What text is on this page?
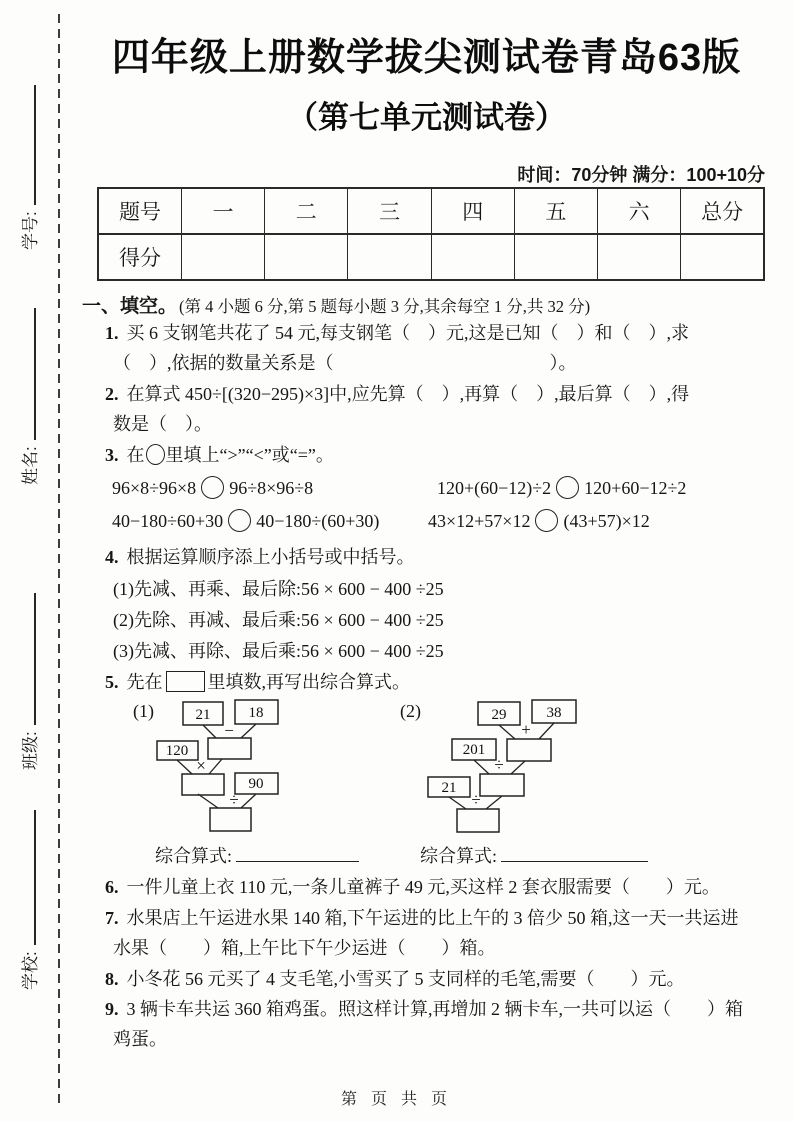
学号:
姓名:
班级:
学校:
四年级上册数学拔尖测试卷青岛63版
（第七单元测试卷）
时间：70分钟 满分：100+10分
题号	一	二	三	四	五	六	总分
得分							
一、填空。 (第 4 小题 6 分,第 5 题每小题 3 分,其余每空 1 分,共 32 分)
1. 买 6 支钢笔共花了 54 元,每支钢笔（　）元,这是已知（　）和（　）,求
（　）,依据的数量关系是（　　　　　　　　　　　　）。
2. 在算式 450÷[(320−295)×3]中,应先算（　）,再算（　）,最后算（　）,得
数是（　）。
3. 在 里填上“>”“<”或“=”。
96×8÷96×8 96÷8×96÷8	120+(60−12)÷2 120+60−12÷2
40−180÷60+30 40−180÷(60+30)	43×12+57×12 (43+57)×12
4. 根据运算顺序添上小括号或中括号。
(1)先减、再乘、最后除:56 × 600 − 400 ÷25
(2)先除、再减、最后乘:56 × 600 − 400 ÷25
(3)先减、再除、最后乘:56 × 600 − 400 ÷25
5. 先在	里填数,再写出综合算式。
(1)	21	18
120
90
−
×
÷
(2)	29	38
201
21
+
÷
÷
综合算式:	综合算式:
6. 一件儿童上衣 110 元,一条儿童裤子 49 元,买这样 2 套衣服需要（　　）元。
7. 水果店上午运进水果 140 箱,下午运进的比上午的 3 倍少 50 箱,这一天一共运进
水果（　　）箱,上午比下午少运进（　　）箱。
8. 小冬花 56 元买了 4 支毛笔,小雪买了 5 支同样的毛笔,需要（　　）元。
9. 3 辆卡车共运 360 箱鸡蛋。照这样计算,再增加 2 辆卡车,一共可以运（　　）箱
鸡蛋。
第 页 共 页
